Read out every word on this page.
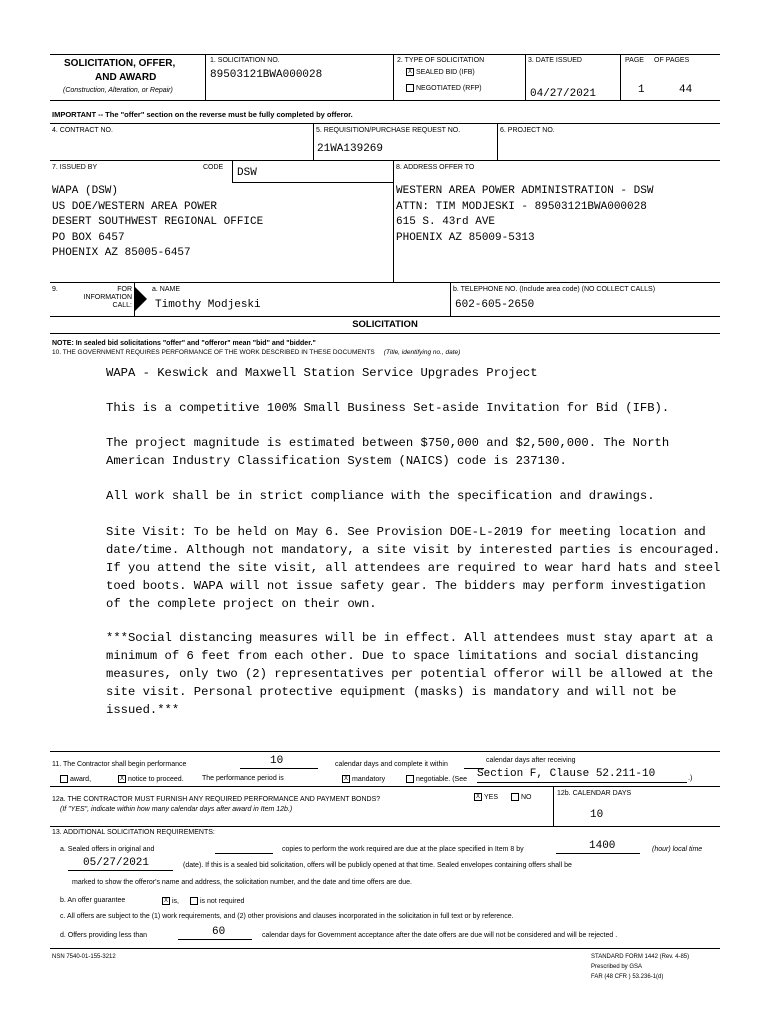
SOLICITATION, OFFER,
AND AWARD
(Construction, Alteration, or Repair)
1. SOLICITATION NO.
89503121BWA000028
2. TYPE OF SOLICITATION
X SEALED BID (IFB)
NEGOTIATED (RFP)
3. DATE ISSUED
04/27/2021
PAGE OF PAGES
1	44
IMPORTANT -- The "offer" section on the reverse must be fully completed by offeror.
4. CONTRACT NO.	5. REQUISITION/PURCHASE REQUEST NO.
21WA139269
6. PROJECT NO.
7. ISSUED BY	CODE DSW
WAPA (DSW)
US DOE/WESTERN AREA POWER
DESERT SOUTHWEST REGIONAL OFFICE
PO BOX 6457
PHOENIX AZ 85005-6457
8. ADDRESS OFFER TO
WESTERN AREA POWER ADMINISTRATION - DSW
ATTN: TIM MODJESKI - 89503121BWA000028
615 S. 43rd AVE
PHOENIX AZ 85009-5313
9.	FOR
INFORMATION
CALL:
a. NAME
Timothy Modjeski
b. TELEPHONE NO. (Include area code) (NO COLLECT CALLS)
602-605-2650
SOLICITATION
NOTE: In sealed bid solicitations "offer" and "offeror" mean "bid" and "bidder."
10. THE GOVERNMENT REQUIRES PERFORMANCE OF THE WORK DESCRIBED IN THESE DOCUMENTS (Title, identifying no., date)
WAPA - Keswick and Maxwell Station Service Upgrades Project
This is a competitive 100% Small Business Set-aside Invitation for Bid (IFB).
The project magnitude is estimated between $750,000 and $2,500,000. The North
American Industry Classification System (NAICS) code is 237130.
All work shall be in strict compliance with the specification and drawings.
Site Visit: To be held on May 6. See Provision DOE-L-2019 for meeting location and
date/time. Although not mandatory, a site visit by interested parties is encouraged.
If you attend the site visit, all attendees are required to wear hard hats and steel
toed boots. WAPA will not issue safety gear. The bidders may perform investigation
of the complete project on their own.
***Social distancing measures will be in effect. All attendees must stay apart at a
minimum of 6 feet from each other. Due to space limitations and social distancing
measures, only two (2) representatives per potential offeror will be allowed at the
site visit. Personal protective equipment (masks) is mandatory and will not be
issued.***
11. The Contractor shall begin performance	10	calendar days and complete it within
calendar days after receiving
award,	X notice to proceed.	The performance period is	X mandatory	negotiable. (See Section F, Clause 52.211-10	.)
12a. THE CONTRACTOR MUST FURNISH ANY REQUIRED PERFORMANCE AND PAYMENT BONDS?
(If "YES", indicate within how many calendar days after award in Item 12b.)
X YES	NO
12b. CALENDAR DAYS
10
13. ADDITIONAL SOLICITATION REQUIREMENTS:
a. Sealed offers in original and	copies to perform the work required are due at the place specified in Item 8 by	1400	(hour) local time
05/27/2021	(date). If this is a sealed bid solicitation, offers will be publicly opened at that time. Sealed envelopes containing offers shall be
marked to show the offeror's name and address, the solicitation number, and the date and time offers are due.
b. An offer guarantee	X is,	is not required
c. All offers are subject to the (1) work requirements, and (2) other provisions and clauses incorporated in the solicitation in full text or by reference.
d. Offers providing less than	60	calendar days for Government acceptance after the date offers are due will not be considered and will be rejected .
NSN 7540-01-155-3212	STANDARD FORM 1442 (Rev. 4-85)
Prescribed by GSA
FAR (48 CFR ) 53.236-1(d)
